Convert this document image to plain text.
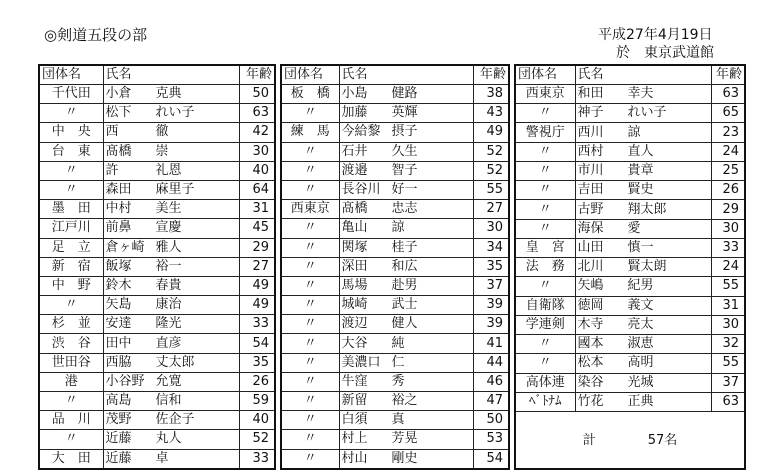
◎剣道五段の部	平成27年4月19日
於　東京武道館
団体名	氏名	年齢
千代田	小倉 克典	50
〃	松下 れい子	63
中　央	西 徹	42
台　東	髙橋 崇	30
〃	許 礼恩	40
〃	森田 麻里子	64
墨　田	中村 美生	31
江戸川	前鼻 宣慶	45
足　立	倉ヶ崎 雅人	29
新　宿	飯塚 裕一	27
中　野	鈴木 春貴	49
〃	矢島 康治	49
杉　並	安達 隆光	33
渋　谷	田中 直彦	54
世田谷	西脇 丈太郎	35
港	小谷野 允寛	26
〃	高島 信和	59
品　川	茂野 佐企子	40
〃	近藤 丸人	52
大　田	近藤 卓	33
団体名	氏名	年齢
板　橋	小島 健路	38
〃	加藤 英輝	43
練　馬	今給黎 摂子	49
〃	石井 久生	52
〃	渡邉 智子	52
〃	長谷川 好一	55
西東京	髙橋 忠志	27
〃	亀山 諒	30
〃	関塚 桂子	34
〃	深田 和広	35
〃	馬場 赴男	37
〃	城崎 武士	39
〃	渡辺 健人	39
〃	大谷 純	41
〃	美濃口 仁	44
〃	牛窪 秀	46
〃	新留 裕之	47
〃	白須 真	50
〃	村上 芳晃	53
〃	村山 剛史	54
団体名	氏名	年齢
西東京	和田 幸夫	63
〃	神子 れい子	65
警視庁	西川 諒	23
〃	西村 直人	24
〃	市川 貴章	25
〃	吉田 賢史	26
〃	古野 翔太郎	29
〃	海保 愛	30
皇　宮	山田 慎一	33
法　務	北川 賢太朗	24
〃	矢嶋 紀男	55
自衛隊	徳岡 義文	31
学連剣	木寺 亮太	30
〃	國本 淑恵	32
〃	松本 高明	55
高体連	染谷 光城	37
ﾍﾞﾄﾅﾑ	竹花 正典	63

計 57名		
